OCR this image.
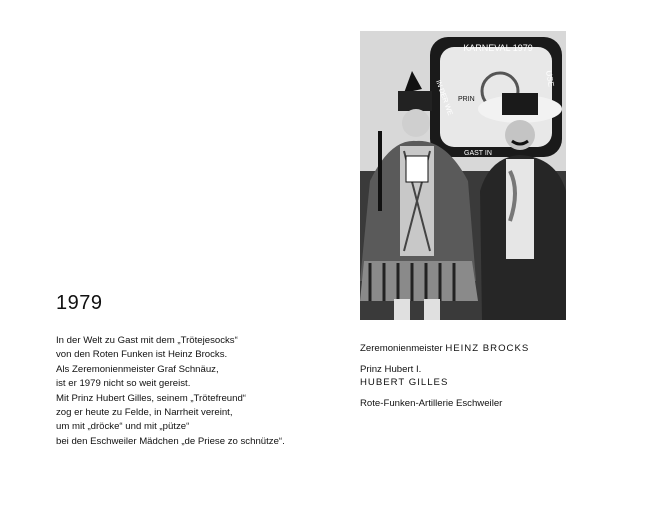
1979
In der Welt zu Gast mit dem „Trötejesocks“
von den Roten Funken ist Heinz Brocks.
Als Zeremonienmeister Graf Schnäuz,
ist er 1979 nicht so weit gereist.
Mit Prinz Hubert Gilles, seinem „Trötefreund“
zog er heute zu Felde, in Narrheit vereint,
um mit „dröcke“ und mit „pütze“
bei den Eschweiler Mädchen „de Priese zo schnütze“.
KARNEVAL 1979
IN DER WE PRIN
USE
GAST IN
Zeremonienmeister HEINZ BROCKS
Prinz Hubert I.
HUBERT GILLES
Rote-Funken-Artillerie Eschweiler
